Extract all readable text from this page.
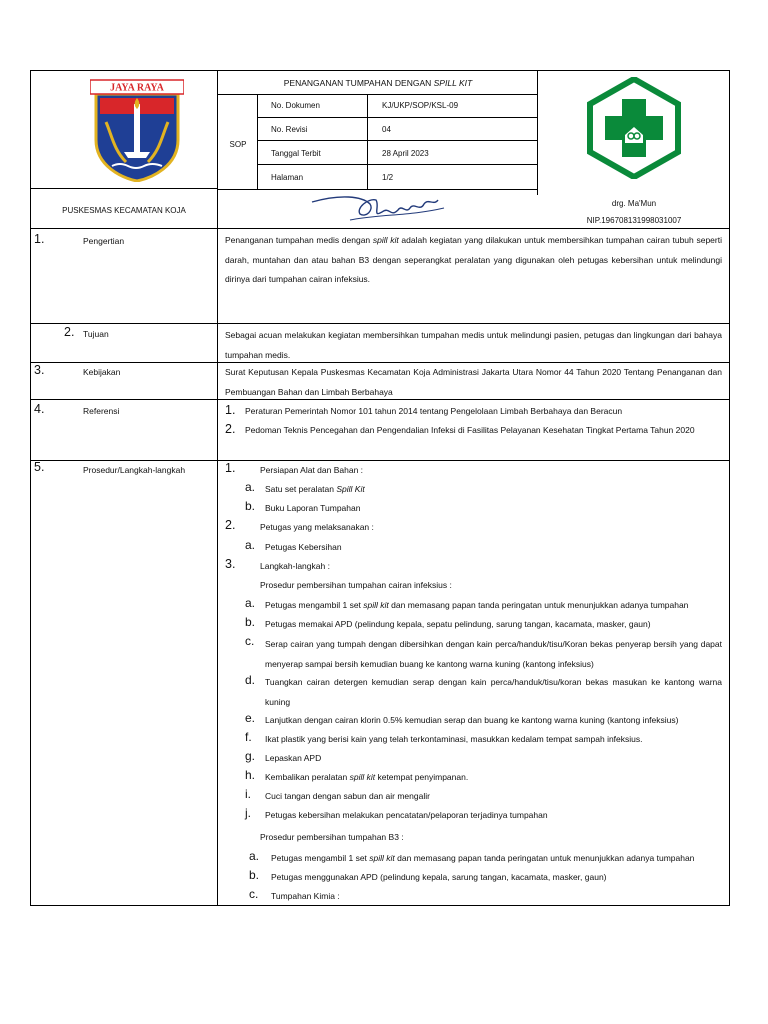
JAYA RAYA	PENANGANAN TUMPAHAN DENGAN SPILL KIT
SOP
No. Dokumen	KJ/UKP/SOP/KSL-09
No. Revisi	04
Tanggal Terbit	28 April 2023
Halaman	1/2
PUSKESMAS KECAMATAN KOJA
drg. Ma'Mun
NIP.196708131998031007
1.	Pengertian	Penanganan tumpahan medis dengan spill kit adalah kegiatan yang dilakukan untuk membersihkan tumpahan cairan tubuh seperti darah, muntahan dan atau bahan B3 dengan seperangkat peralatan yang digunakan oleh petugas kebersihan untuk melindungi dirinya dari tumpahan cairan infeksius.
2. Tujuan	Sebagai acuan melakukan kegiatan membersihkan tumpahan medis untuk melindungi pasien, petugas dan lingkungan dari bahaya tumpahan medis.
3.	Kebijakan	Surat Keputusan Kepala Puskesmas Kecamatan Koja Administrasi Jakarta Utara Nomor 44 Tahun 2020 Tentang Penanganan dan Pembuangan Bahan dan Limbah Berbahaya
4.	Referensi	1. Peraturan Pemerintah Nomor 101 tahun 2014 tentang Pengelolaan Limbah Berbahaya dan Beracun
2. Pedoman Teknis Pencegahan dan Pengendalian Infeksi di Fasilitas Pelayanan Kesehatan Tingkat Pertama Tahun 2020
5.	Prosedur/Langkah-langkah	1.	Persiapan Alat dan Bahan :
a. Satu set peralatan Spill Kit
b. Buku Laporan Tumpahan
2.	Petugas yang melaksanakan :
a. Petugas Kebersihan
3.	Langkah-langkah :
Prosedur pembersihan tumpahan cairan infeksius :
a. Petugas mengambil 1 set spill kit dan memasang papan tanda peringatan untuk menunjukkan adanya tumpahan
b. Petugas memakai APD (pelindung kepala, sepatu pelindung, sarung tangan, kacamata, masker, gaun)
c. Serap cairan yang tumpah dengan dibersihkan dengan kain perca/handuk/tisu/Koran bekas penyerap bersih yang dapat menyerap sampai bersih kemudian buang ke kantong warna kuning (kantong infeksius)
d. Tuangkan cairan detergen kemudian serap dengan kain perca/handuk/tisu/koran bekas masukan ke kantong warna kuning
e. Lanjutkan dengan cairan klorin 0.5% kemudian serap dan buang ke kantong warna kuning (kantong infeksius)
f. Ikat plastik yang berisi kain yang telah terkontaminasi, masukkan kedalam tempat sampah infeksius.
g. Lepaskan APD
h. Kembalikan peralatan spill kit ketempat penyimpanan.
i. Cuci tangan dengan sabun dan air mengalir
j. Petugas kebersihan melakukan pencatatan/pelaporan terjadinya tumpahan
Prosedur pembersihan tumpahan B3 :
a. Petugas mengambil 1 set spill kit dan memasang papan tanda peringatan untuk menunjukkan adanya tumpahan
b. Petugas menggunakan APD (pelindung kepala, sarung tangan, kacamata, masker, gaun)
c. Tumpahan Kimia :
